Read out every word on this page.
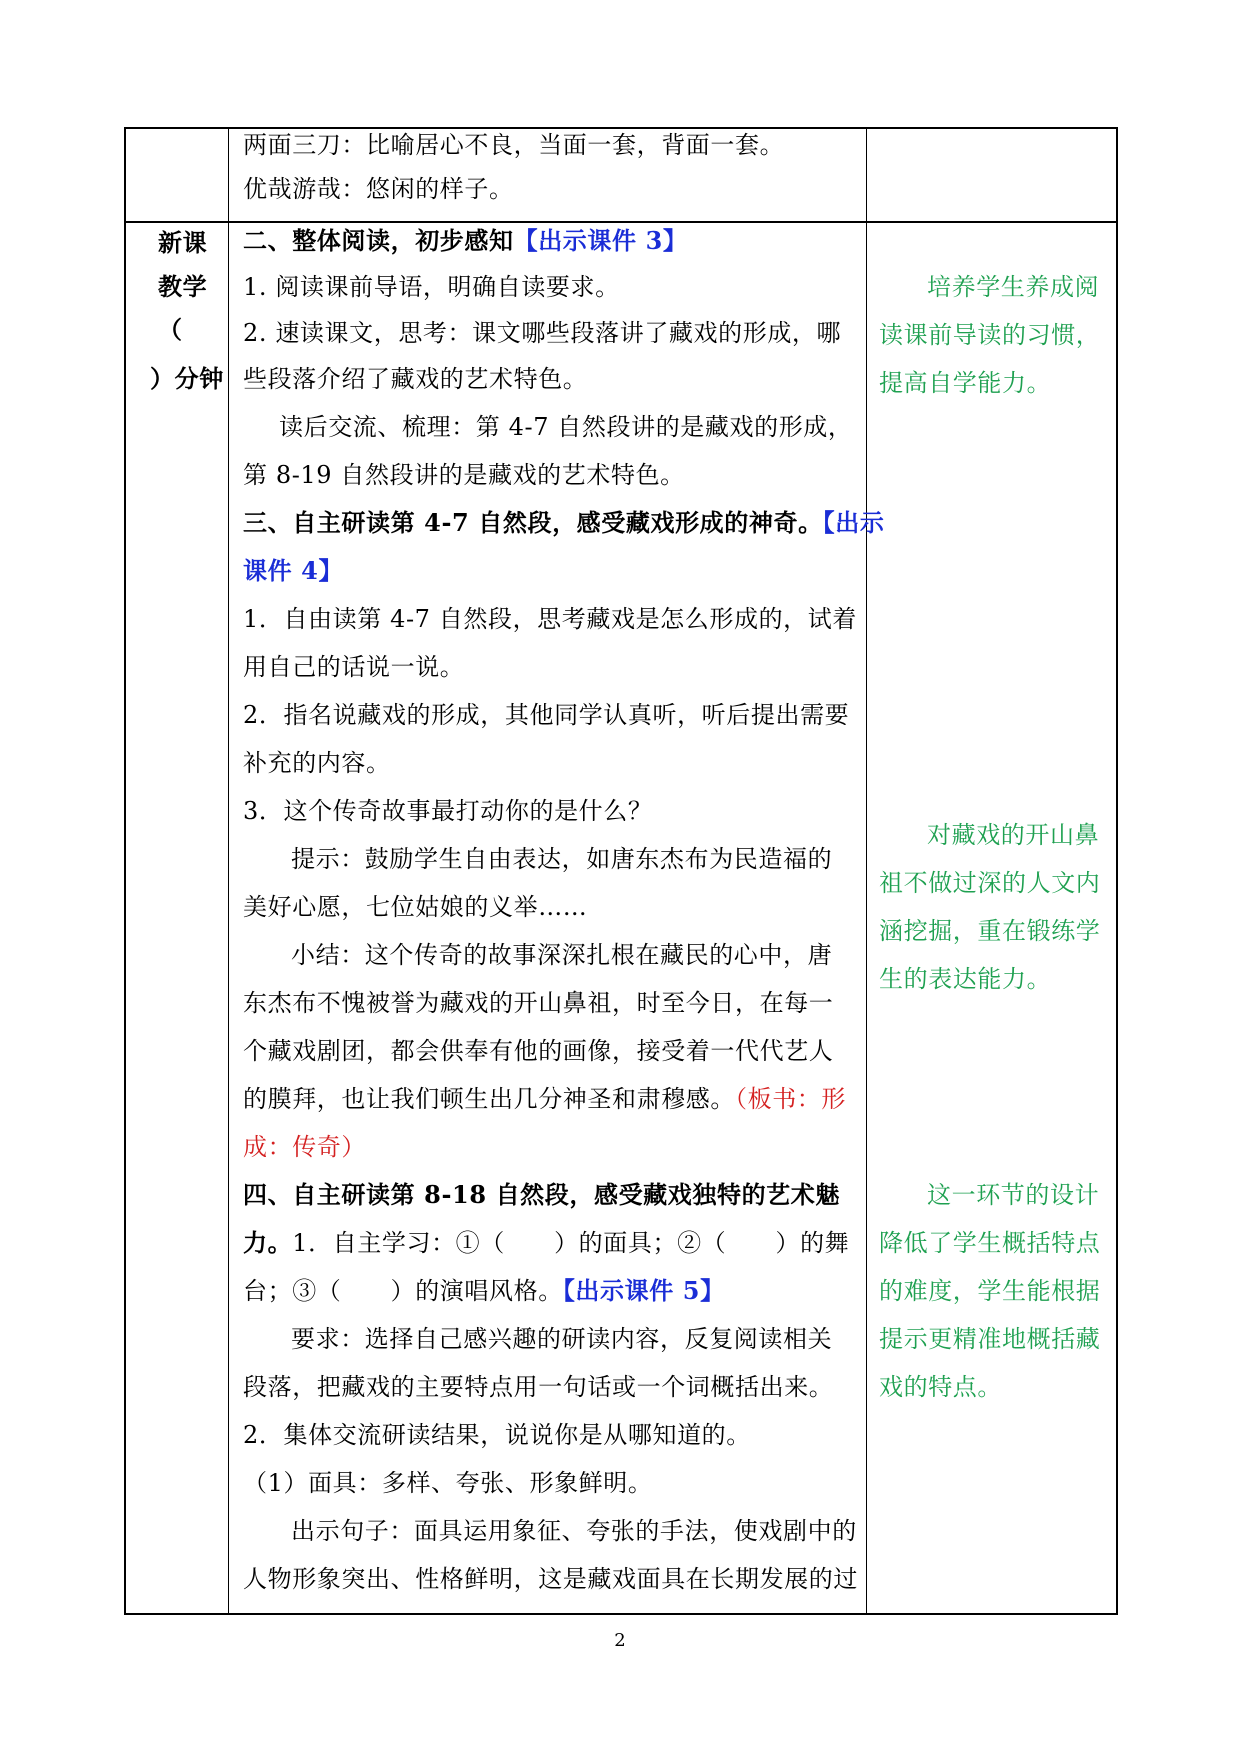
两面三刀：比喻居心不良，当面一套，背面一套。
优哉游哉：悠闲的样子。
新课
教学
（
）分钟
二、整体阅读，初步感知【出示课件 3】
1. 阅读课前导语，明确自读要求。
2. 速读课文，思考：课文哪些段落讲了藏戏的形成，哪
些段落介绍了藏戏的艺术特色。
读后交流、梳理：第 4-7 自然段讲的是藏戏的形成，
第 8-19 自然段讲的是藏戏的艺术特色。
三、自主研读第 4-7 自然段，感受藏戏形成的神奇。【出示
课件 4】
1．自由读第 4-7 自然段，思考藏戏是怎么形成的，试着
用自己的话说一说。
2．指名说藏戏的形成，其他同学认真听，听后提出需要
补充的内容。
3．这个传奇故事最打动你的是什么？
提示：鼓励学生自由表达，如唐东杰布为民造福的
美好心愿，七位姑娘的义举……
小结：这个传奇的故事深深扎根在藏民的心中，唐
东杰布不愧被誉为藏戏的开山鼻祖，时至今日，在每一
个藏戏剧团，都会供奉有他的画像，接受着一代代艺人
的膜拜，也让我们顿生出几分神圣和肃穆感。（板书：形
成：传奇）
四、自主研读第 8-18 自然段，感受藏戏独特的艺术魅
力。1．自主学习：①（　　）的面具；②（　　）的舞
台；③（　　）的演唱风格。【出示课件 5】
要求：选择自己感兴趣的研读内容，反复阅读相关
段落，把藏戏的主要特点用一句话或一个词概括出来。
2．集体交流研读结果，说说你是从哪知道的。
（1）面具：多样、夸张、形象鲜明。
出示句子：面具运用象征、夸张的手法，使戏剧中的
人物形象突出、性格鲜明，这是藏戏面具在长期发展的过
培养学生养成阅
读课前导读的习惯，
提高自学能力。
对藏戏的开山鼻
祖不做过深的人文内
涵挖掘，重在锻练学
生的表达能力。
这一环节的设计
降低了学生概括特点
的难度，学生能根据
提示更精准地概括藏
戏的特点。
2
